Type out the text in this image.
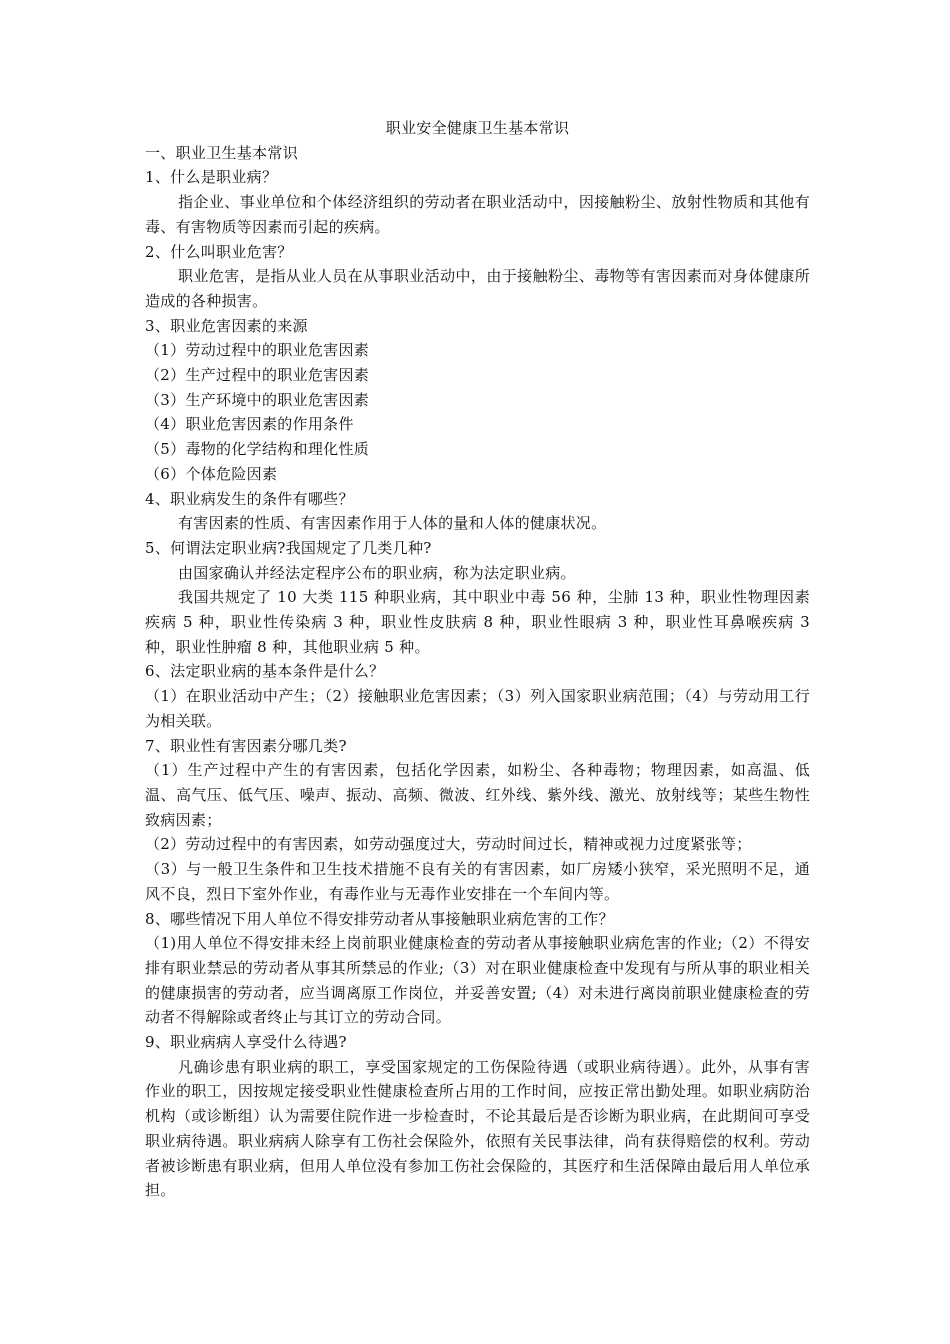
职业安全健康卫生基本常识

一、职业卫生基本常识

1、什么是职业病？

指企业、事业单位和个体经济组织的劳动者在职业活动中，因接触粉尘、放射性物质和其他有毒、有害物质等因素而引起的疾病。

2、什么叫职业危害？

职业危害，是指从业人员在从事职业活动中，由于接触粉尘、毒物等有害因素而对身体健康所造成的各种损害。

3、职业危害因素的来源

（1）劳动过程中的职业危害因素

（2）生产过程中的职业危害因素

（3）生产环境中的职业危害因素

（4）职业危害因素的作用条件

（5）毒物的化学结构和理化性质

（6）个体危险因素

4、职业病发生的条件有哪些？

有害因素的性质、有害因素作用于人体的量和人体的健康状况。

5、何谓法定职业病?我国规定了几类几种?

由国家确认并经法定程序公布的职业病，称为法定职业病。

我国共规定了 10 大类 115 种职业病，其中职业中毒 56 种，尘肺 13 种，职业性物理因素疾病 5 种，职业性传染病 3 种，职业性皮肤病 8 种，职业性眼病 3 种，职业性耳鼻喉疾病 3 种，职业性肿瘤 8 种，其他职业病 5 种。

6、法定职业病的基本条件是什么？

（1）在职业活动中产生；（2）接触职业危害因素；（3）列入国家职业病范围；（4）与劳动用工行为相关联。

7、职业性有害因素分哪几类?

（1）生产过程中产生的有害因素，包括化学因素，如粉尘、各种毒物；物理因素，如高温、低温、高气压、低气压、噪声、振动、高频、微波、红外线、紫外线、激光、放射线等；某些生物性致病因素；

（2）劳动过程中的有害因素，如劳动强度过大，劳动时间过长，精神或视力过度紧张等；

（3）与一般卫生条件和卫生技术措施不良有关的有害因素，如厂房矮小狭窄，采光照明不足，通风不良，烈日下室外作业，有毒作业与无毒作业安排在一个车间内等。

8、哪些情况下用人单位不得安排劳动者从事接触职业病危害的工作？

（1)用人单位不得安排未经上岗前职业健康检查的劳动者从事接触职业病危害的作业;（2）不得安排有职业禁忌的劳动者从事其所禁忌的作业;（3）对在职业健康检查中发现有与所从事的职业相关的健康损害的劳动者，应当调离原工作岗位，并妥善安置;（4）对未进行离岗前职业健康检查的劳动者不得解除或者终止与其订立的劳动合同。

9、职业病病人享受什么待遇?

凡确诊患有职业病的职工，享受国家规定的工伤保险待遇（或职业病待遇）。此外，从事有害作业的职工，因按规定接受职业性健康检查所占用的工作时间，应按正常出勤处理。如职业病防治机构（或诊断组）认为需要住院作进一步检查时，不论其最后是否诊断为职业病，在此期间可享受职业病待遇。职业病病人除享有工伤社会保险外，依照有关民事法律，尚有获得赔偿的权利。劳动者被诊断患有职业病，但用人单位没有参加工伤社会保险的，其医疗和生活保障由最后用人单位承担。
